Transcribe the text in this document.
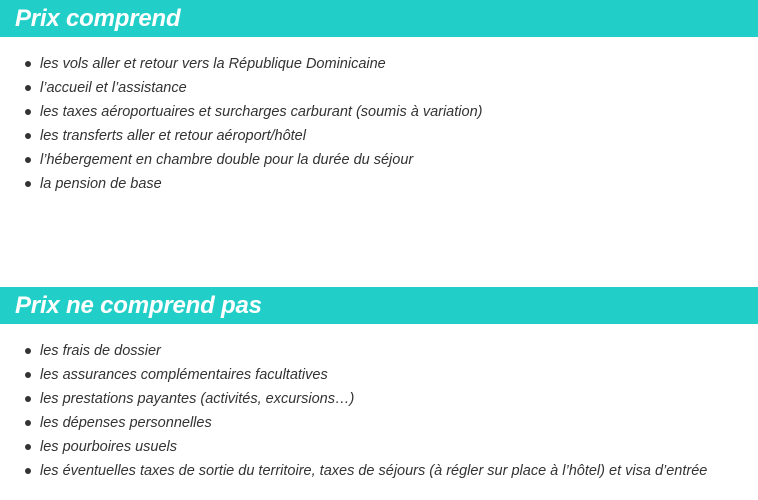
Prix comprend
les vols aller et retour vers la République Dominicaine
l’accueil et l’assistance
les taxes aéroportuaires et surcharges carburant (soumis à variation)
les transferts aller et retour aéroport/hôtel
l’hébergement en chambre double pour la durée du séjour
la pension de base
Prix ne comprend pas
les frais de dossier
les assurances complémentaires facultatives
les prestations payantes (activités, excursions…)
les dépenses personnelles
les pourboires usuels
les éventuelles taxes de sortie du territoire, taxes de séjours (à régler sur place à l’hôtel) et visa d’entrée
